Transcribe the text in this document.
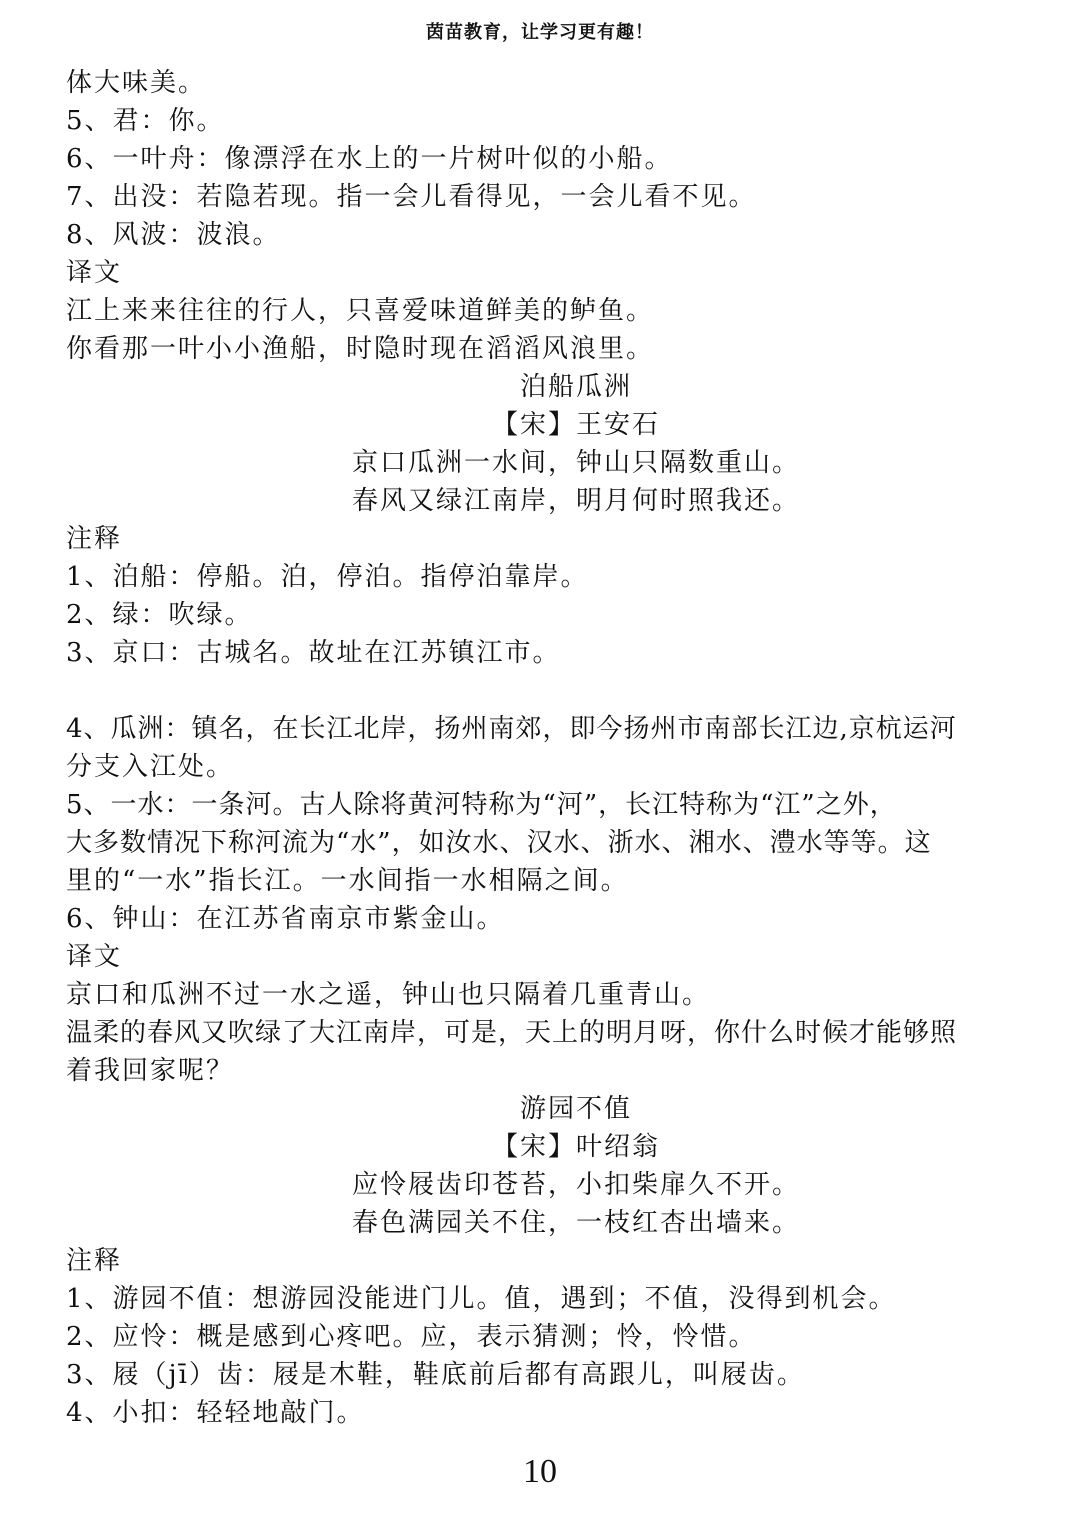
茵苗教育，让学习更有趣！
体大味美。
5、君：你。
6、一叶舟：像漂浮在水上的一片树叶似的小船。
7、出没：若隐若现。指一会儿看得见，一会儿看不见。
8、风波：波浪。
译文
江上来来往往的行人，只喜爱味道鲜美的鲈鱼。
你看那一叶小小渔船，时隐时现在滔滔风浪里。
泊船瓜洲
【宋】王安石
京口瓜洲一水间，钟山只隔数重山。
春风又绿江南岸，明月何时照我还。
注释
1、泊船：停船。泊，停泊。指停泊靠岸。
2、绿：吹绿。
3、京口：古城名。故址在江苏镇江市。
4、瓜洲：镇名，在长江北岸，扬州南郊，即今扬州市南部长江边,京杭运河
分支入江处。
5、一水：一条河。古人除将黄河特称为“河”，长江特称为“江”之外，
大多数情况下称河流为“水”，如汝水、汉水、浙水、湘水、澧水等等。这
里的“一水”指长江。一水间指一水相隔之间。
6、钟山：在江苏省南京市紫金山。
译文
京口和瓜洲不过一水之遥，钟山也只隔着几重青山。
温柔的春风又吹绿了大江南岸，可是，天上的明月呀，你什么时候才能够照
着我回家呢？
游园不值
【宋】叶绍翁
应怜屐齿印苍苔，小扣柴扉久不开。
春色满园关不住，一枝红杏出墙来。
注释
1、游园不值：想游园没能进门儿。值，遇到；不值，没得到机会。
2、应怜：概是感到心疼吧。应，表示猜测；怜，怜惜。
3、屐（jī）齿：屐是木鞋，鞋底前后都有高跟儿，叫屐齿。
4、小扣：轻轻地敲门。
10
